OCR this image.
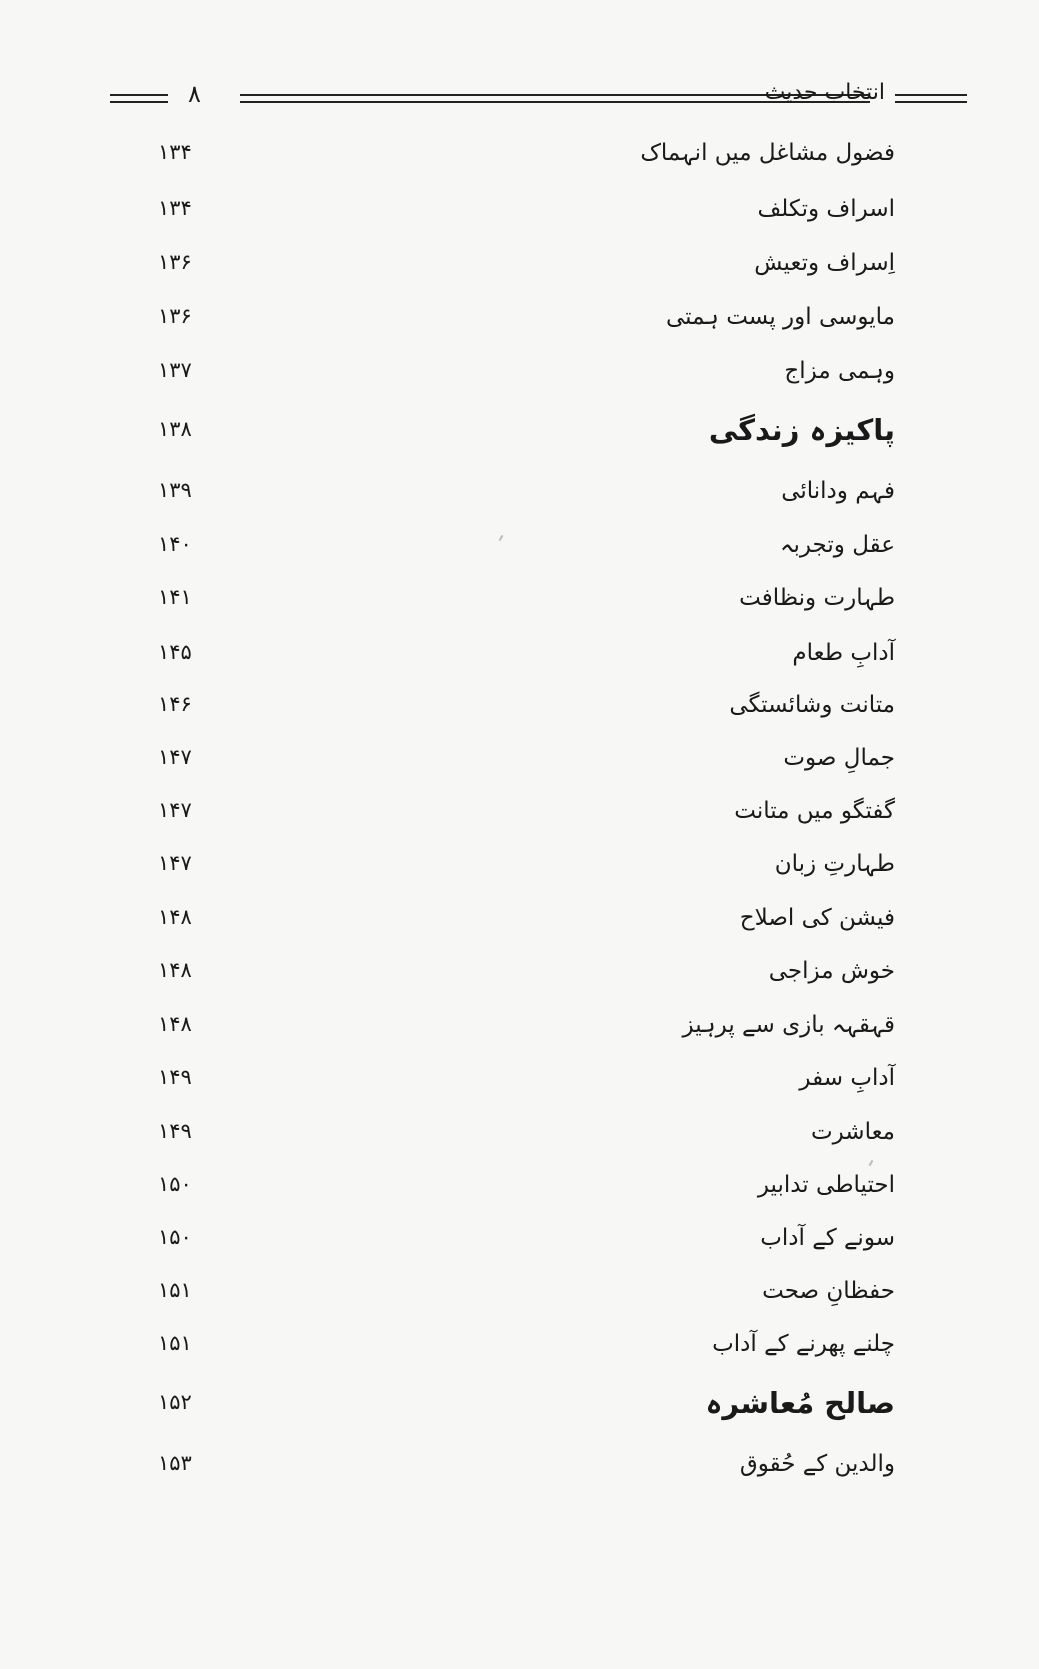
۸	انتخاب حدیث
۱۳۴	فضول مشاغل میں انہماک
۱۳۴	اسراف وتکلف
۱۳۶	اِسراف وتعیش
۱۳۶	مایوسی اور پست ہمتی
۱۳۷	وہمی مزاج
۱۳۸	پاکیزہ زندگی
۱۳۹	فہم ودانائی
۱۴۰	عقل وتجربہ
۱۴۱	طہارت ونظافت
۱۴۵	آدابِ طعام
۱۴۶	متانت وشائستگی
۱۴۷	جمالِ صوت
۱۴۷	گفتگو میں متانت
۱۴۷	طہارتِ زبان
۱۴۸	فیشن کی اصلاح
۱۴۸	خوش مزاجی
۱۴۸	قہقہہ بازی سے پرہیز
۱۴۹	آدابِ سفر
۱۴۹	معاشرت
۱۵۰	احتیاطی تدابیر
۱۵۰	سونے کے آداب
۱۵۱	حفظانِ صحت
۱۵۱	چلنے پھرنے کے آداب
۱۵۲	صالح مُعاشرہ
۱۵۳	والدین کے حُقوق
